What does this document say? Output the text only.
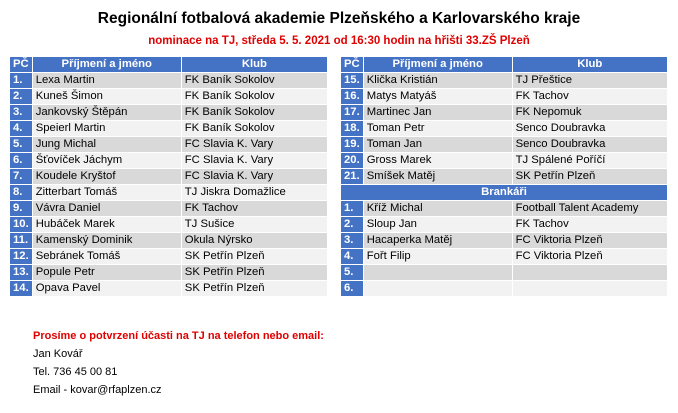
Regionální fotbalová akademie Plzeňského a Karlovarského kraje
nominace na TJ, středa 5. 5. 2021 od 16:30 hodin na hřišti 33.ZŠ Plzeň
PČ	Příjmení a jméno	Klub
1.	Lexa Martin	FK Baník Sokolov
2.	Kuneš Šimon	FK Baník Sokolov
3.	Jankovský Štěpán	FK Baník Sokolov
4.	Speierl Martin	FK Baník Sokolov
5.	Jung Michal	FC Slavia K. Vary
6.	Šťovíček Jáchym	FC Slavia K. Vary
7.	Koudele Kryštof	FC Slavia K. Vary
8.	Zitterbart Tomáš	TJ Jiskra Domažlice
9.	Vávra Daniel	FK Tachov
10.	Hubáček Marek	TJ Sušice
11.	Kamenský Dominik	Okula Nýrsko
12.	Sebránek Tomáš	SK Petřín Plzeň
13.	Popule Petr	SK Petřín Plzeň
14.	Opava Pavel	SK Petřín Plzeň
PČ	Příjmení a jméno	Klub
15.	Klička Kristián	TJ Přeštice
16.	Matys Matyáš	FK Tachov
17.	Martinec Jan	FK Nepomuk
18.	Toman Petr	Senco Doubravka
19.	Toman Jan	Senco Doubravka
20.	Gross Marek	TJ Spálené Poříčí
21.	Smíšek Matěj	SK Petřín Plzeň
Brankáři		
1.	Kříž Michal	Football Talent Academy
2.	Sloup Jan	FK Tachov
3.	Hacaperka Matěj	FC Viktoria Plzeň
4.	Fořt Filip	FC Viktoria Plzeň
5.		
6.		
Prosíme o potvrzení účasti na TJ na telefon nebo email:
Jan Kovář
Tel. 736 45 00 81
Email - kovar@rfaplzen.cz
